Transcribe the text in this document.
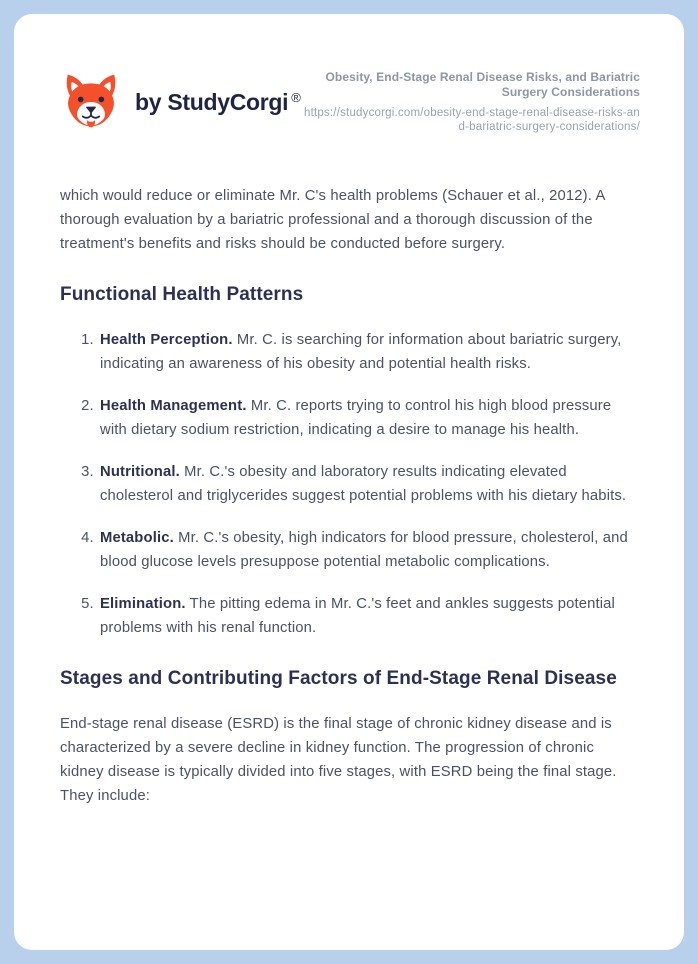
by StudyCorgi ®
Obesity, End-Stage Renal Disease Risks, and Bariatric Surgery Considerations
https://studycorgi.com/obesity-end-stage-renal-disease-risks-and-bariatric-surgery-considerations/

which would reduce or eliminate Mr. C's health problems (Schauer et al., 2012). A thorough evaluation by a bariatric professional and a thorough discussion of the treatment's benefits and risks should be conducted before surgery.

Functional Health Patterns
1. Health Perception. Mr. C. is searching for information about bariatric surgery, indicating an awareness of his obesity and potential health risks.
2. Health Management. Mr. C. reports trying to control his high blood pressure with dietary sodium restriction, indicating a desire to manage his health.
3. Nutritional. Mr. C.'s obesity and laboratory results indicating elevated cholesterol and triglycerides suggest potential problems with his dietary habits.
4. Metabolic. Mr. C.'s obesity, high indicators for blood pressure, cholesterol, and blood glucose levels presuppose potential metabolic complications.
5. Elimination. The pitting edema in Mr. C.'s feet and ankles suggests potential problems with his renal function.
Stages and Contributing Factors of End-Stage Renal Disease

End-stage renal disease (ESRD) is the final stage of chronic kidney disease and is characterized by a severe decline in kidney function. The progression of chronic kidney disease is typically divided into five stages, with ESRD being the final stage. They include:
